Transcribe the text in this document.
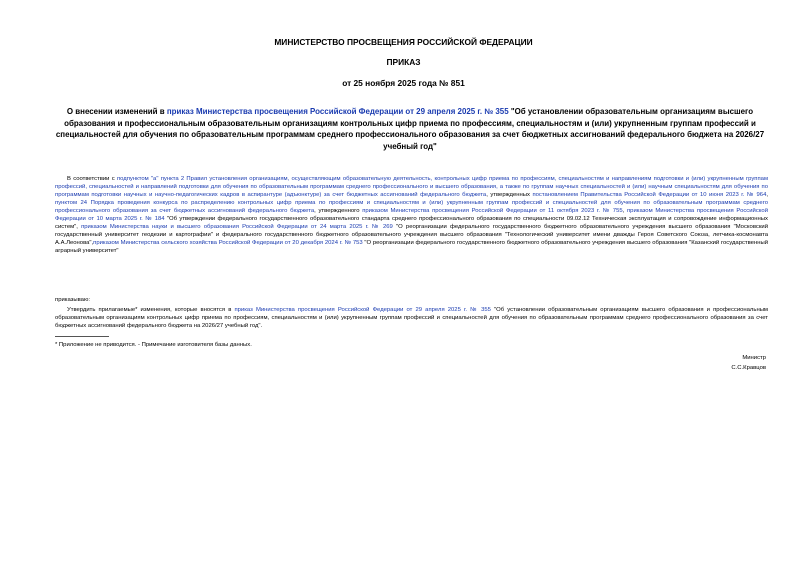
МИНИСТЕРСТВО ПРОСВЕЩЕНИЯ РОССИЙСКОЙ ФЕДЕРАЦИИ

ПРИКАЗ

от 25 ноября 2025 года № 851

О внесении изменений в приказ Министерства просвещения Российской Федерации от 29 апреля 2025 г. № 355 "Об установлении образовательным организациям высшего образования и профессиональным образовательным организациям контрольных цифр приема по профессиям, специальностям и (или) укрупненным группам профессий и специальностей для обучения по образовательным программам среднего профессионального образования за счет бюджетных ассигнований федерального бюджета на 2026/27 учебный год"

В соответствии с подпунктом "а" пункта 2 Правил установления организациям, осуществляющим образовательную деятельность, контрольных цифр приема по профессиям, специальностям и направлениям подготовки и (или) укрупненным группам профессий, специальностей и направлений подготовки для обучения по образовательным программам среднего профессионального и высшего образования, а также по группам научных специальностей и (или) научным специальностям для обучения по программам подготовки научных и научно-педагогических кадров в аспирантуре (адъюнктуре) за счет бюджетных ассигнований федерального бюджета, утвержденных постановлением Правительства Российской Федерации от 10 июня 2023 г. № 964, пунктом 24 Порядка проведения конкурса по распределению контрольных цифр приема по профессиям и специальностям и (или) укрупненным группам профессий и специальностей для обучения по образовательным программам среднего профессионального образования за счет бюджетных ассигнований федерального бюджета, утвержденного приказом Министерства просвещения Российской Федерации от 11 октября 2023 г. № 755, приказом Министерства просвещения Российской Федерации от 10 марта 2025 г. № 184 "Об утверждении федерального государственного образовательного стандарта среднего профессионального образования по специальности 09.02.12 Техническая эксплуатация и сопровождение информационных систем", приказом Министерства науки и высшего образования Российской Федерации от 24 марта 2025 г. № 269 "О реорганизации федерального государственного бюджетного образовательного учреждения высшего образования "Московский государственный университет геодезии и картографии" и федерального государственного бюджетного образовательного учреждения высшего образования "Технологический университет имени дважды Героя Советского Союза, летчика-космонавта А.А.Леонова",приказом Министерства сельского хозяйства Российской Федерации от 20 декабря 2024 г. № 753 "О реорганизации федерального государственного бюджетного образовательного учреждения высшего образования "Казанский государственный аграрный университет"

приказываю:

Утвердить прилагаемые* изменения, которые вносятся в приказ Министерства просвещения Российской Федерации от 29 апреля 2025 г. № 355 "Об установлении образовательным организациям высшего образования и профессиональным образовательным организациям контрольных цифр приема по профессиям, специальностям и (или) укрупненным группам профессий и специальностей для обучения по образовательным программам среднего профессионального образования за счет бюджетных ассигнований федерального бюджета на 2026/27 учебный год".

* Приложение не приводится. - Примечание изготовителя базы данных.

Министр

С.С.Кравцов
